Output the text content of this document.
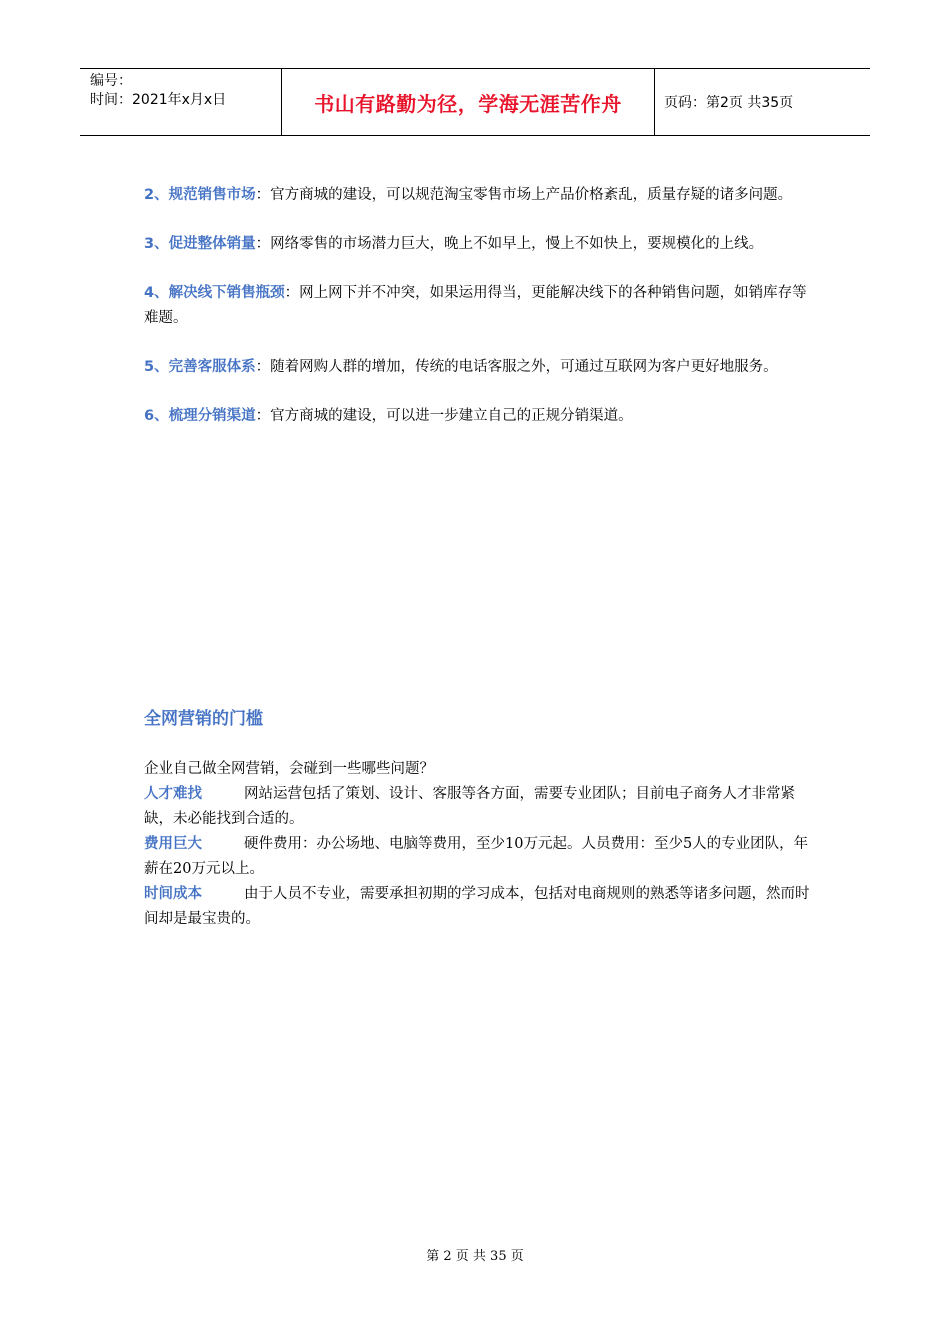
编号：
时间：2021年x月x日	书山有路勤为径，学海无涯苦作舟	页码：第2页 共35页
2、规范销售市场：官方商城的建设，可以规范淘宝零售市场上产品价格紊乱，质量存疑的诸多问题。
3、促进整体销量：网络零售的市场潜力巨大，晚上不如早上，慢上不如快上，要规模化的上线。
4、解决线下销售瓶颈：网上网下并不冲突，如果运用得当，更能解决线下的各种销售问题，如销库存等难题。
5、完善客服体系：随着网购人群的增加，传统的电话客服之外，可通过互联网为客户更好地服务。
6、梳理分销渠道：官方商城的建设，可以进一步建立自己的正规分销渠道。
全网营销的门槛
企业自己做全网营销，会碰到一些哪些问题？
人才难找	网站运营包括了策划、设计、客服等各方面，需要专业团队；目前电子商务人才非常紧缺，未必能找到合适的。
费用巨大	硬件费用：办公场地、电脑等费用，至少10万元起。人员费用：至少5人的专业团队，年薪在20万元以上。
时间成本	由于人员不专业，需要承担初期的学习成本，包括对电商规则的熟悉等诸多问题，然而时间却是最宝贵的。
第 2 页 共 35 页
